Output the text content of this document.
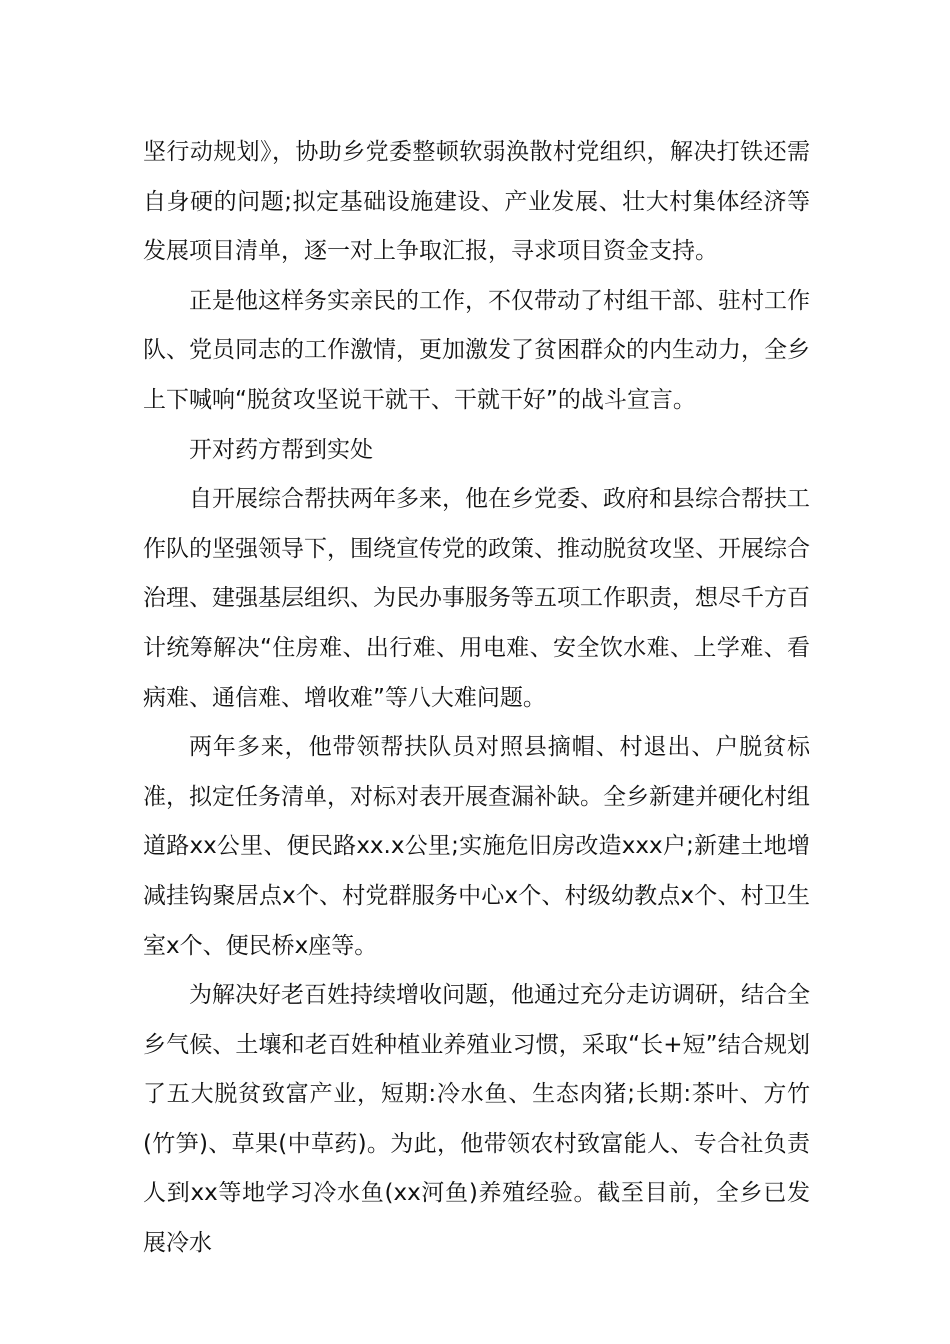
坚行动规划》，协助乡党委整顿软弱涣散村党组织，解决打铁还需自身硬的问题;拟定基础设施建设、产业发展、壮大村集体经济等发展项目清单，逐一对上争取汇报，寻求项目资金支持。

正是他这样务实亲民的工作，不仅带动了村组干部、驻村工作队、党员同志的工作激情，更加激发了贫困群众的内生动力，全乡上下喊响“脱贫攻坚说干就干、干就干好”的战斗宣言。

开对药方帮到实处

自开展综合帮扶两年多来，他在乡党委、政府和县综合帮扶工作队的坚强领导下，围绕宣传党的政策、推动脱贫攻坚、开展综合治理、建强基层组织、为民办事服务等五项工作职责，想尽千方百计统筹解决“住房难、出行难、用电难、安全饮水难、上学难、看病难、通信难、增收难”等八大难问题。

两年多来，他带领帮扶队员对照县摘帽、村退出、户脱贫标准，拟定任务清单，对标对表开展查漏补缺。全乡新建并硬化村组道路xx公里、便民路xx.x公里;实施危旧房改造xxx户;新建土地增减挂钩聚居点x个、村党群服务中心x个、村级幼教点x个、村卫生室x个、便民桥x座等。

为解决好老百姓持续增收问题，他通过充分走访调研，结合全乡气候、土壤和老百姓种植业养殖业习惯，采取“长+短”结合规划了五大脱贫致富产业，短期:冷水鱼、生态肉猪;长期:茶叶、方竹(竹笋)、草果(中草药)。为此，他带领农村致富能人、专合社负责人到xx等地学习冷水鱼(xx河鱼)养殖经验。截至目前，全乡已发展冷水
